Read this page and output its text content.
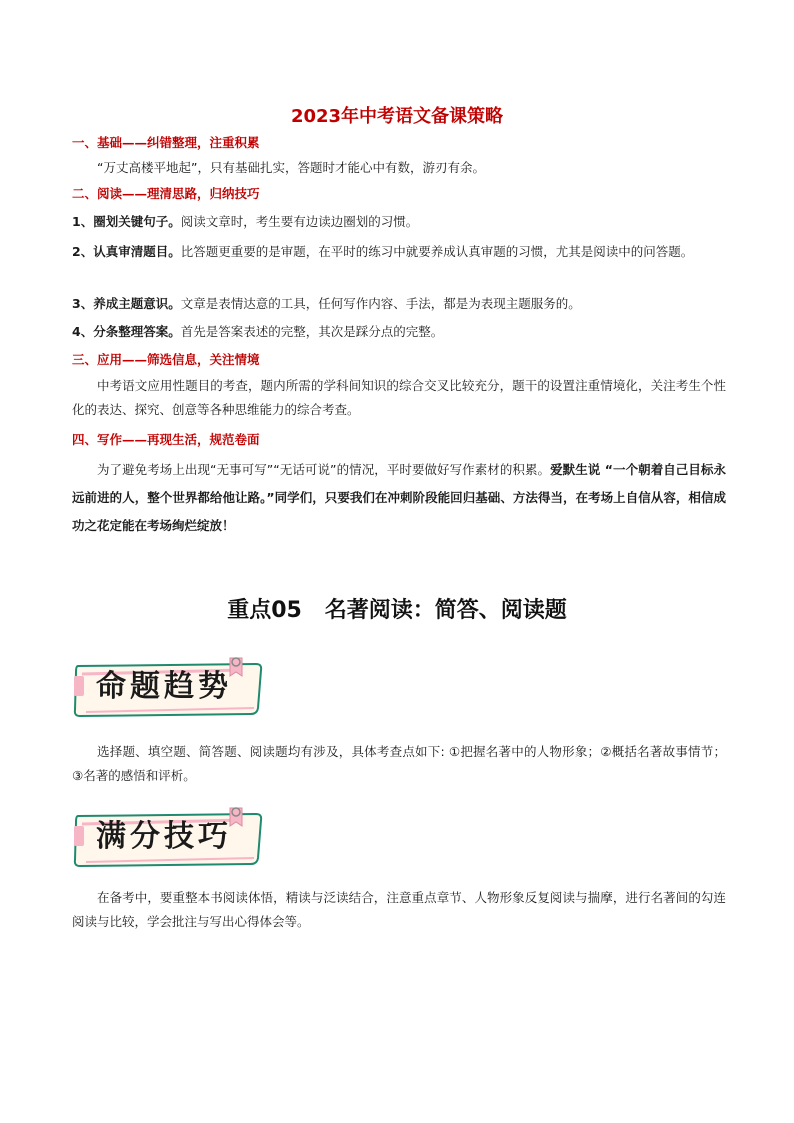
2023年中考语文备课策略
一、基础——纠错整理，注重积累
“万丈高楼平地起”，只有基础扎实，答题时才能心中有数，游刃有余。
二、阅读——理清思路，归纳技巧
1、圈划关键句子。阅读文章时，考生要有边读边圈划的习惯。
2、认真审清题目。比答题更重要的是审题，在平时的练习中就要养成认真审题的习惯，尤其是阅读中的问答题。
3、养成主题意识。文章是表情达意的工具，任何写作内容、手法，都是为表现主题服务的。
4、分条整理答案。首先是答案表述的完整，其次是踩分点的完整。
三、应用——筛选信息，关注情境
中考语文应用性题目的考查，题内所需的学科间知识的综合交叉比较充分，题干的设置注重情境化，关注考生个性化的表达、探究、创意等各种思维能力的综合考查。
四、写作——再现生活，规范卷面
为了避免考场上出现“无事可写”“无话可说”的情况，平时要做好写作素材的积累。爱默生说 “一个朝着自己目标永远前进的人，整个世界都给他让路。”同学们，只要我们在冲刺阶段能回归基础、方法得当，在考场上自信从容，相信成功之花定能在考场绚烂绽放！
重点05   名著阅读：简答、阅读题
命题趋势
选择题、填空题、简答题、阅读题均有涉及，具体考查点如下: ①把握名著中的人物形象；②概括名著故事情节；③名著的感悟和评析。
满分技巧
在备考中，要重整本书阅读体悟，精读与泛读结合，注意重点章节、人物形象反复阅读与揣摩，进行名著间的勾连阅读与比较，学会批注与写出心得体会等。
